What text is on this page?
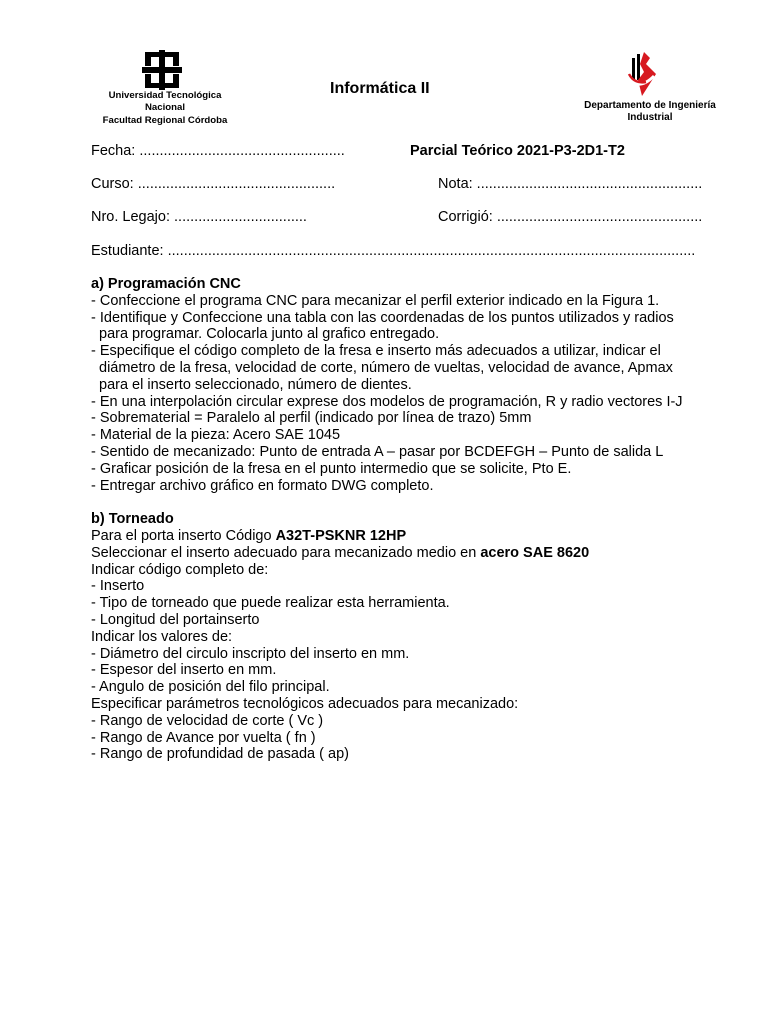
Universidad Tecnológica
Nacional
Facultad Regional Córdoba
Informática II
Departamento de Ingeniería
Industrial
Fecha: ...................................................	Parcial Teórico 2021-P3-2D1-T2
Curso: .................................................	Nota: ........................................................
Nro. Legajo: .................................	Corrigió: ...................................................
Estudiante: ...................................................................................................................................

a) Programación CNC

- Confeccione el programa CNC para mecanizar el perfil exterior indicado en la Figura 1.

- Identifique y Confeccione una tabla con las coordenadas de los puntos utilizados y radios

para programar. Colocarla junto al grafico entregado.

- Especifique el código completo de la fresa e inserto más adecuados a utilizar, indicar el

diámetro de la fresa, velocidad de corte, número de vueltas, velocidad de avance, Apmax

para el inserto seleccionado, número de dientes.

- En una interpolación circular exprese dos modelos de programación, R y radio vectores I-J

- Sobrematerial = Paralelo al perfil (indicado por línea de trazo) 5mm

- Material de la pieza: Acero SAE 1045

- Sentido de mecanizado: Punto de entrada A – pasar por BCDEFGH – Punto de salida L

- Graficar posición de la fresa en el punto intermedio que se solicite, Pto E.

- Entregar archivo gráfico en formato DWG completo.

b) Torneado

Para el porta inserto Código A32T-PSKNR 12HP

Seleccionar el inserto adecuado para mecanizado medio en acero SAE 8620

Indicar código completo de:

- Inserto

- Tipo de torneado que puede realizar esta herramienta.

- Longitud del portainserto

Indicar los valores de:

- Diámetro del circulo inscripto del inserto en mm.

- Espesor del inserto en mm.

- Angulo de posición del filo principal.

Especificar parámetros tecnológicos adecuados para mecanizado:

- Rango de velocidad de corte ( Vc )

- Rango de Avance por vuelta ( fn )

- Rango de profundidad de pasada ( ap)
